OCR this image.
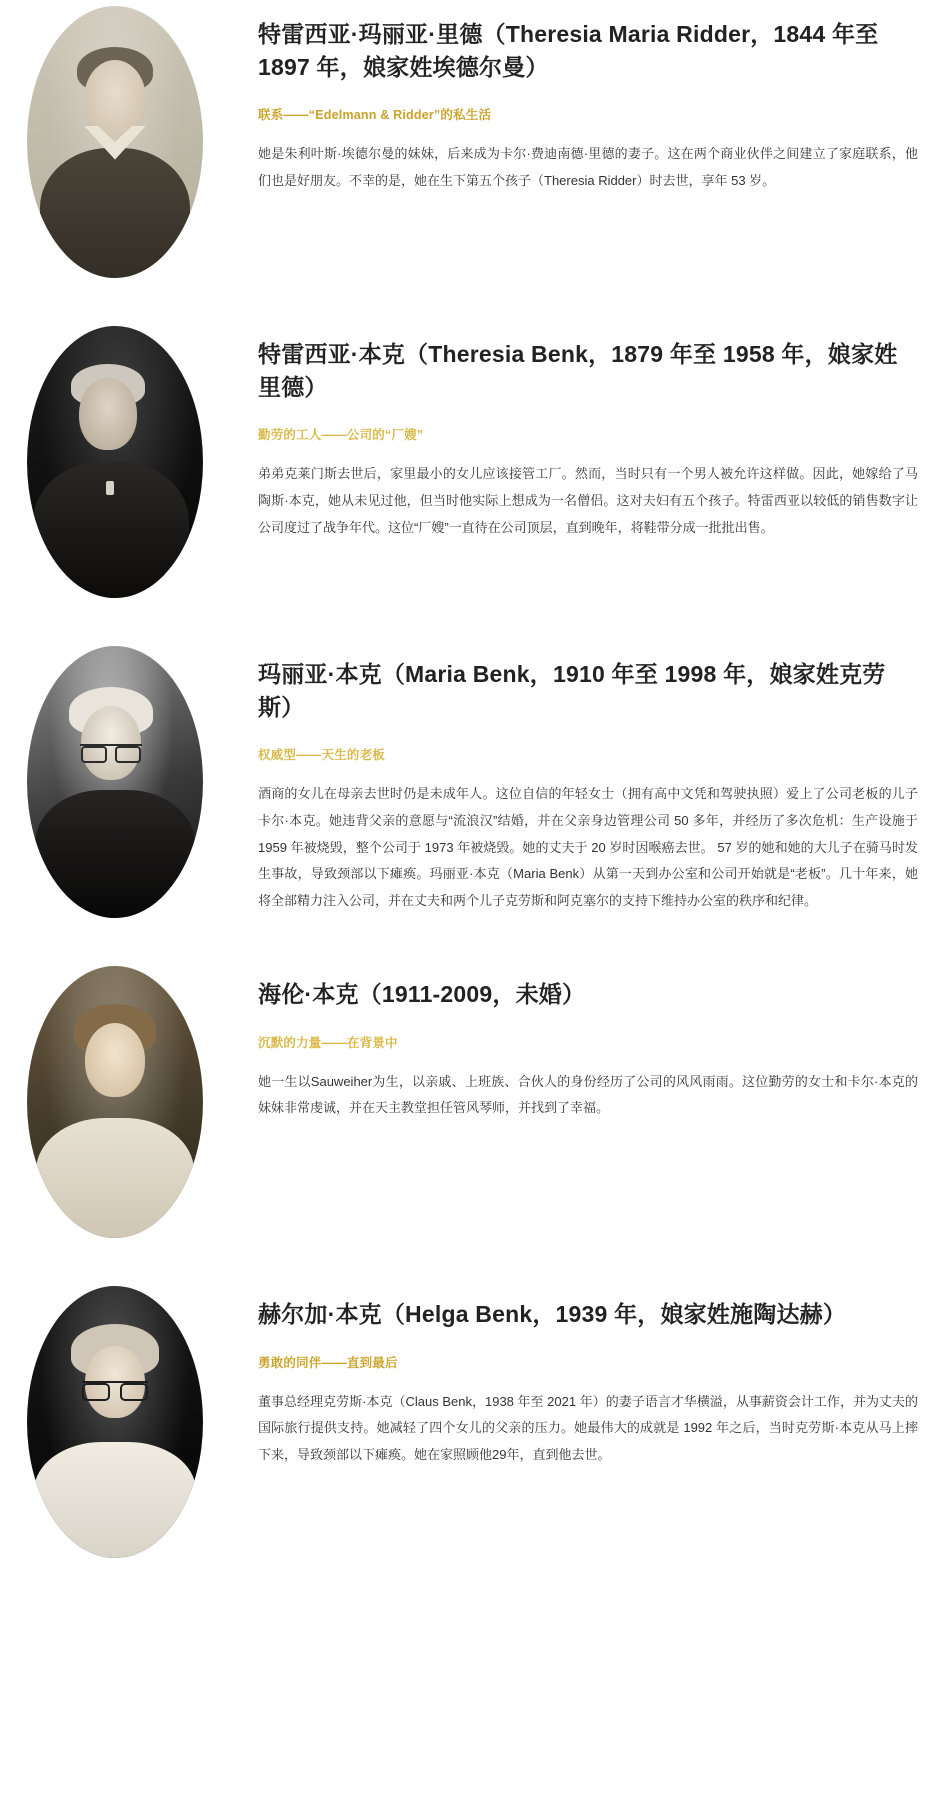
特雷西亚·玛丽亚·里德（Theresia Maria Ridder，1844 年至 1897 年，娘家姓埃德尔曼）
联系——“Edelmann & Ridder”的私生活

她是朱利叶斯·埃德尔曼的妹妹，后来成为卡尔·费迪南德·里德的妻子。这在两个商业伙伴之间建立了家庭联系，他们也是好朋友。不幸的是，她在生下第五个孩子（Theresia Ridder）时去世，享年 53 岁。

特雷西亚·本克（Theresia Benk，1879 年至 1958 年，娘家姓里德）
勤劳的工人——公司的“厂嫂”

弟弟克莱门斯去世后，家里最小的女儿应该接管工厂。然而，当时只有一个男人被允许这样做。因此，她嫁给了马陶斯·本克，她从未见过他，但当时他实际上想成为一名僧侣。这对夫妇有五个孩子。特雷西亚以较低的销售数字让公司度过了战争年代。这位“厂嫂”一直待在公司顶层，直到晚年，将鞋带分成一批批出售。

玛丽亚·本克（Maria Benk，1910 年至 1998 年，娘家姓克劳斯）
权威型——天生的老板

酒商的女儿在母亲去世时仍是未成年人。这位自信的年轻女士（拥有高中文凭和驾驶执照）爱上了公司老板的儿子卡尔·本克。她违背父亲的意愿与“流浪汉”结婚，并在父亲身边管理公司 50 多年，并经历了多次危机：生产设施于 1959 年被烧毁，整个公司于 1973 年被烧毁。她的丈夫于 20 岁时因喉癌去世。 57 岁的她和她的大儿子在骑马时发生事故，导致颈部以下瘫痪。玛丽亚·本克（Maria Benk）从第一天到办公室和公司开始就是“老板”。几十年来，她将全部精力注入公司，并在丈夫和两个儿子克劳斯和阿克塞尔的支持下维持办公室的秩序和纪律。

海伦·本克（1911-2009，未婚）
沉默的力量——在背景中

她一生以Sauweiher为生，以亲戚、上班族、合伙人的身份经历了公司的风风雨雨。这位勤劳的女士和卡尔·本克的妹妹非常虔诚，并在天主教堂担任管风琴师，并找到了幸福。

赫尔加·本克（Helga Benk，1939 年，娘家姓施陶达赫）
勇敢的同伴——直到最后

董事总经理克劳斯·本克（Claus Benk，1938 年至 2021 年）的妻子语言才华横溢，从事薪资会计工作，并为丈夫的国际旅行提供支持。她减轻了四个女儿的父亲的压力。她最伟大的成就是 1992 年之后，当时克劳斯·本克从马上摔下来，导致颈部以下瘫痪。她在家照顾他29年，直到他去世。
